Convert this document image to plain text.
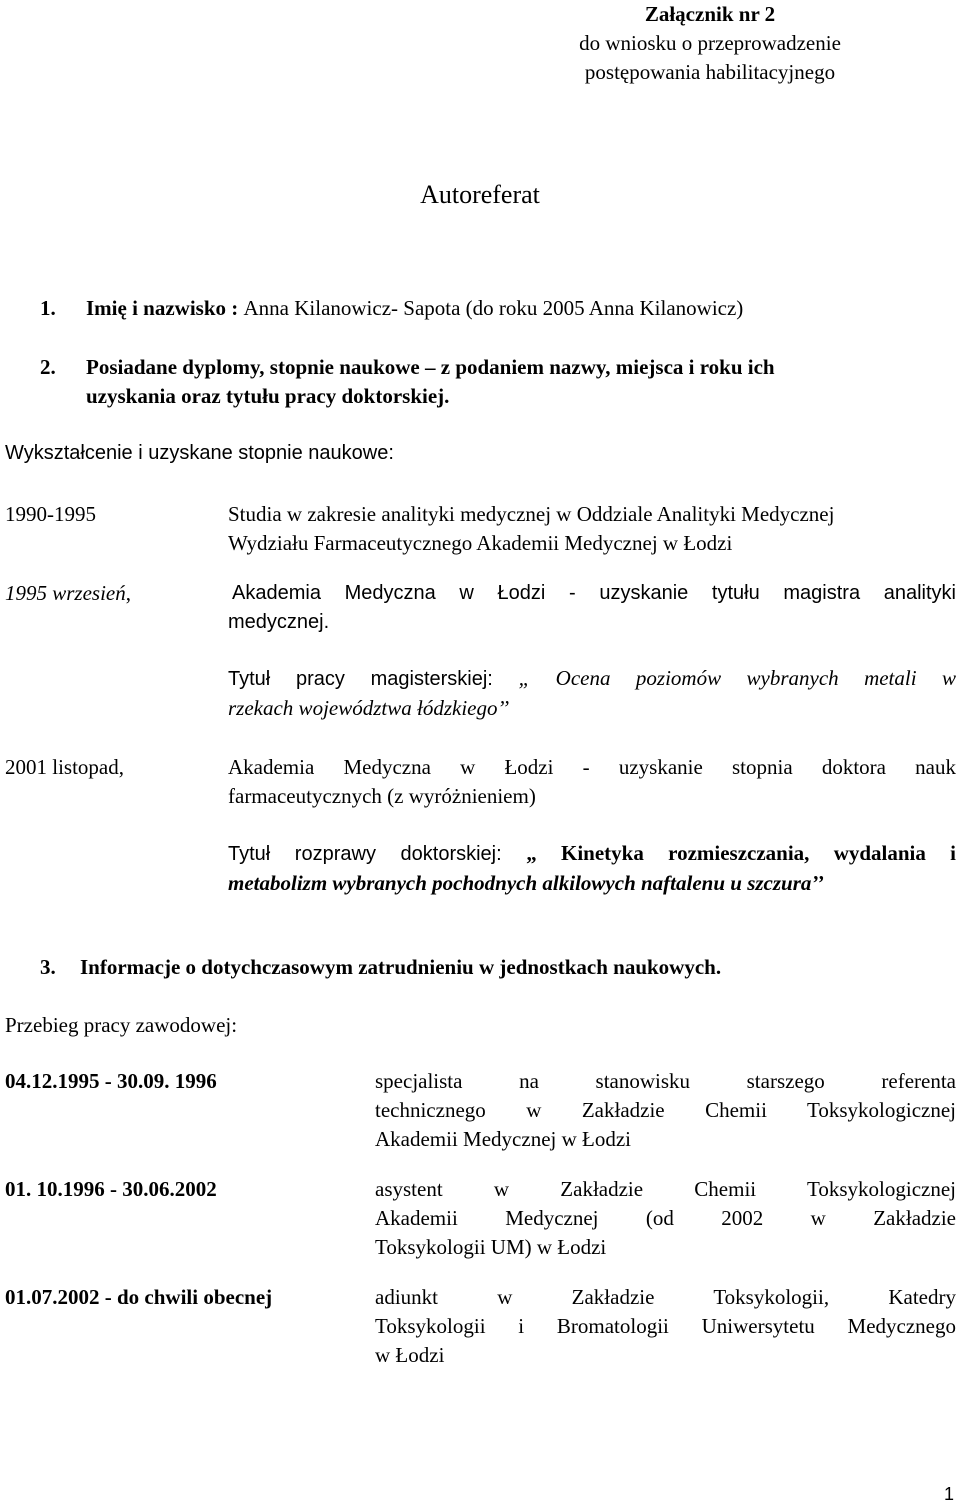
Załącznik nr 2
do wniosku o przeprowadzenie
postępowania habilitacyjnego
Autoreferat
1. Imię i nazwisko : Anna Kilanowicz- Sapota (do roku 2005 Anna Kilanowicz)
2. Posiadane dyplomy, stopnie naukowe – z podaniem nazwy, miejsca i roku ich
uzyskania oraz tytułu pracy doktorskiej.
Wykształcenie i uzyskane stopnie naukowe:
1990-1995	Studia w zakresie analityki medycznej w Oddziale Analityki Medycznej
Wydziału Farmaceutycznego Akademii Medycznej w Łodzi
1995 wrzesień,	Akademia Medyczna w Łodzi - uzyskanie tytułu magistra analityki
medycznej.
Tytuł pracy magisterskiej: „ Ocena poziomów wybranych metali w
rzekach województwa łódzkiego’’
2001 listopad,	Akademia Medyczna w Łodzi - uzyskanie stopnia doktora nauk
farmaceutycznych (z wyróżnieniem)
Tytuł rozprawy doktorskiej: „ Kinetyka rozmieszczania, wydalania i
metabolizm wybranych pochodnych alkilowych naftalenu u szczura’’
3. Informacje o dotychczasowym zatrudnieniu w jednostkach naukowych.
Przebieg pracy zawodowej:
04.12.1995 - 30.09. 1996	specjalista na stanowisku starszego referenta
technicznego w Zakładzie Chemii Toksykologicznej
Akademii Medycznej w Łodzi
01. 10.1996 - 30.06.2002	asystent w Zakładzie Chemii Toksykologicznej
Akademii Medycznej (od 2002 w Zakładzie
Toksykologii UM) w Łodzi
01.07.2002 - do chwili obecnej	adiunkt w Zakładzie Toksykologii, Katedry
Toksykologii i Bromatologii Uniwersytetu Medycznego
w Łodzi
1
